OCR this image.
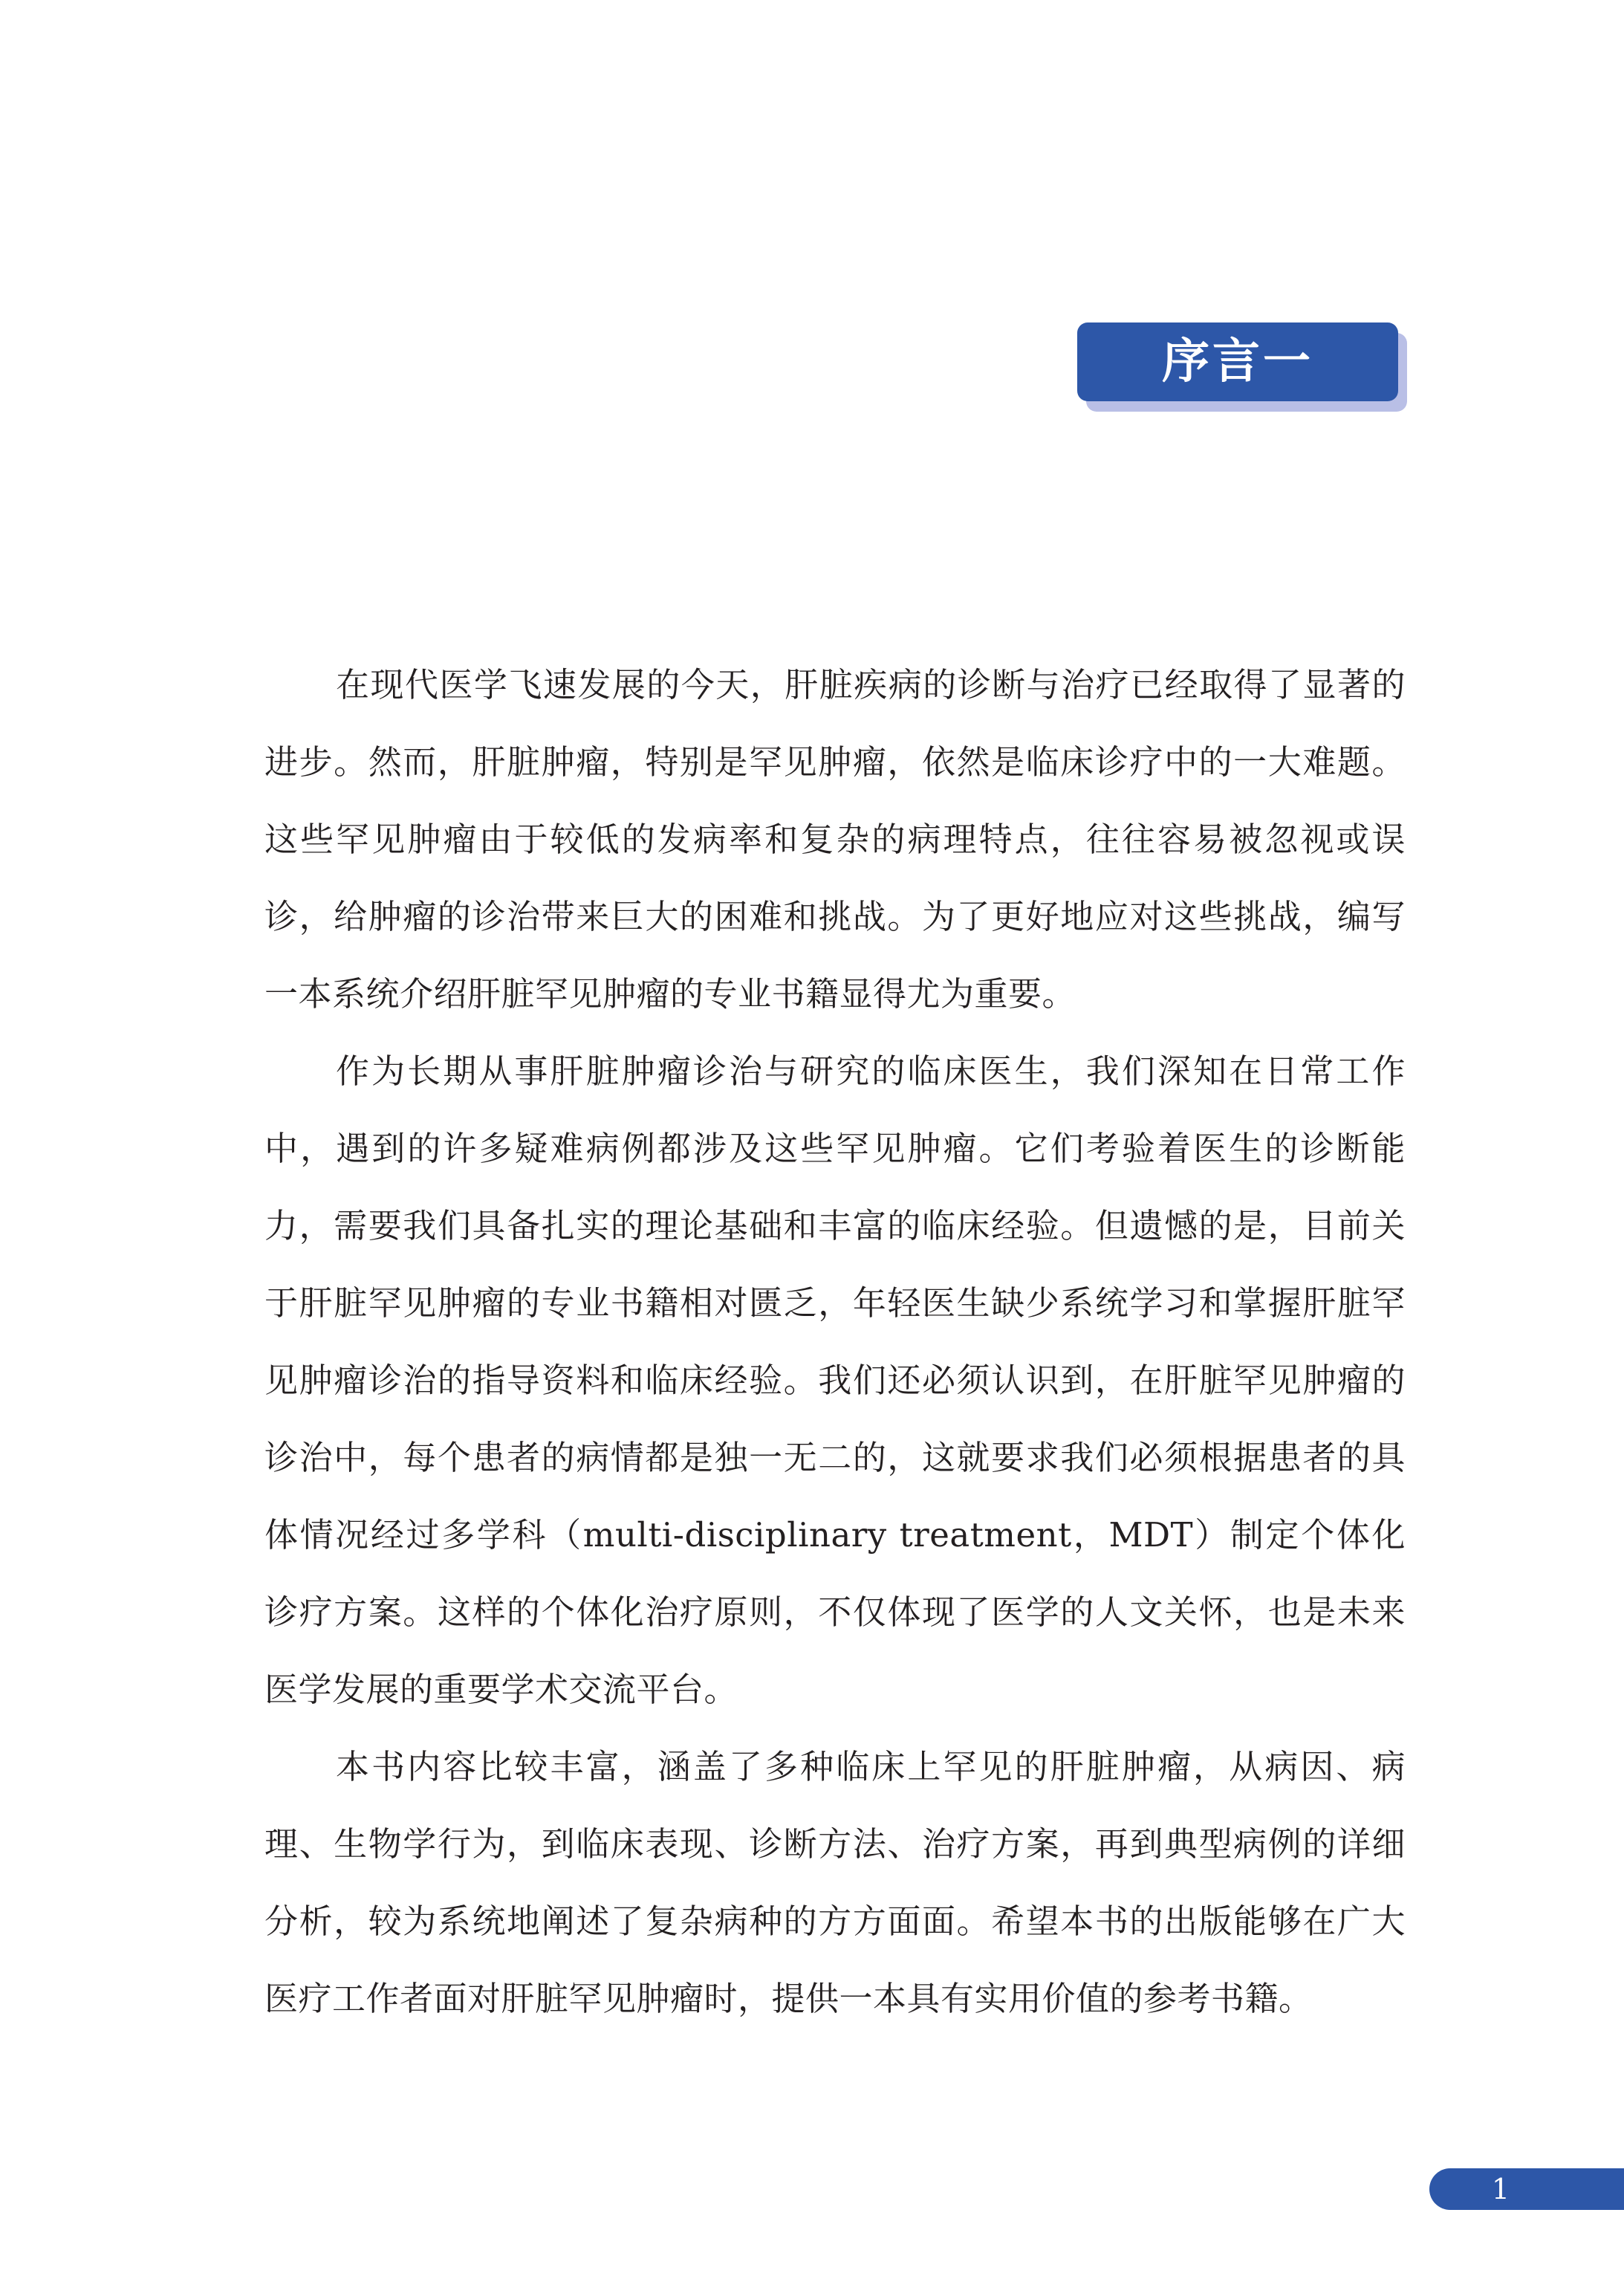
序言一

在现代医学飞速发展的今天，肝脏疾病的诊断与治疗已经取得了显著的进步。然而，肝脏肿瘤，特别是罕见肿瘤，依然是临床诊疗中的一大难题。这些罕见肿瘤由于较低的发病率和复杂的病理特点，往往容易被忽视或误诊，给肿瘤的诊治带来巨大的困难和挑战。为了更好地应对这些挑战，编写一本系统介绍肝脏罕见肿瘤的专业书籍显得尤为重要。

作为长期从事肝脏肿瘤诊治与研究的临床医生，我们深知在日常工作中，遇到的许多疑难病例都涉及这些罕见肿瘤。它们考验着医生的诊断能力，需要我们具备扎实的理论基础和丰富的临床经验。但遗憾的是，目前关于肝脏罕见肿瘤的专业书籍相对匮乏，年轻医生缺少系统学习和掌握肝脏罕见肿瘤诊治的指导资料和临床经验。我们还必须认识到，在肝脏罕见肿瘤的诊治中，每个患者的病情都是独一无二的，这就要求我们必须根据患者的具体情况经过多学科（multi-disciplinary treatment，MDT）制定个体化诊疗方案。这样的个体化治疗原则，不仅体现了医学的人文关怀，也是未来医学发展的重要学术交流平台。

本书内容比较丰富，涵盖了多种临床上罕见的肝脏肿瘤，从病因、病理、生物学行为，到临床表现、诊断方法、治疗方案，再到典型病例的详细分析，较为系统地阐述了复杂病种的方方面面。希望本书的出版能够在广大医疗工作者面对肝脏罕见肿瘤时，提供一本具有实用价值的参考书籍。

1
